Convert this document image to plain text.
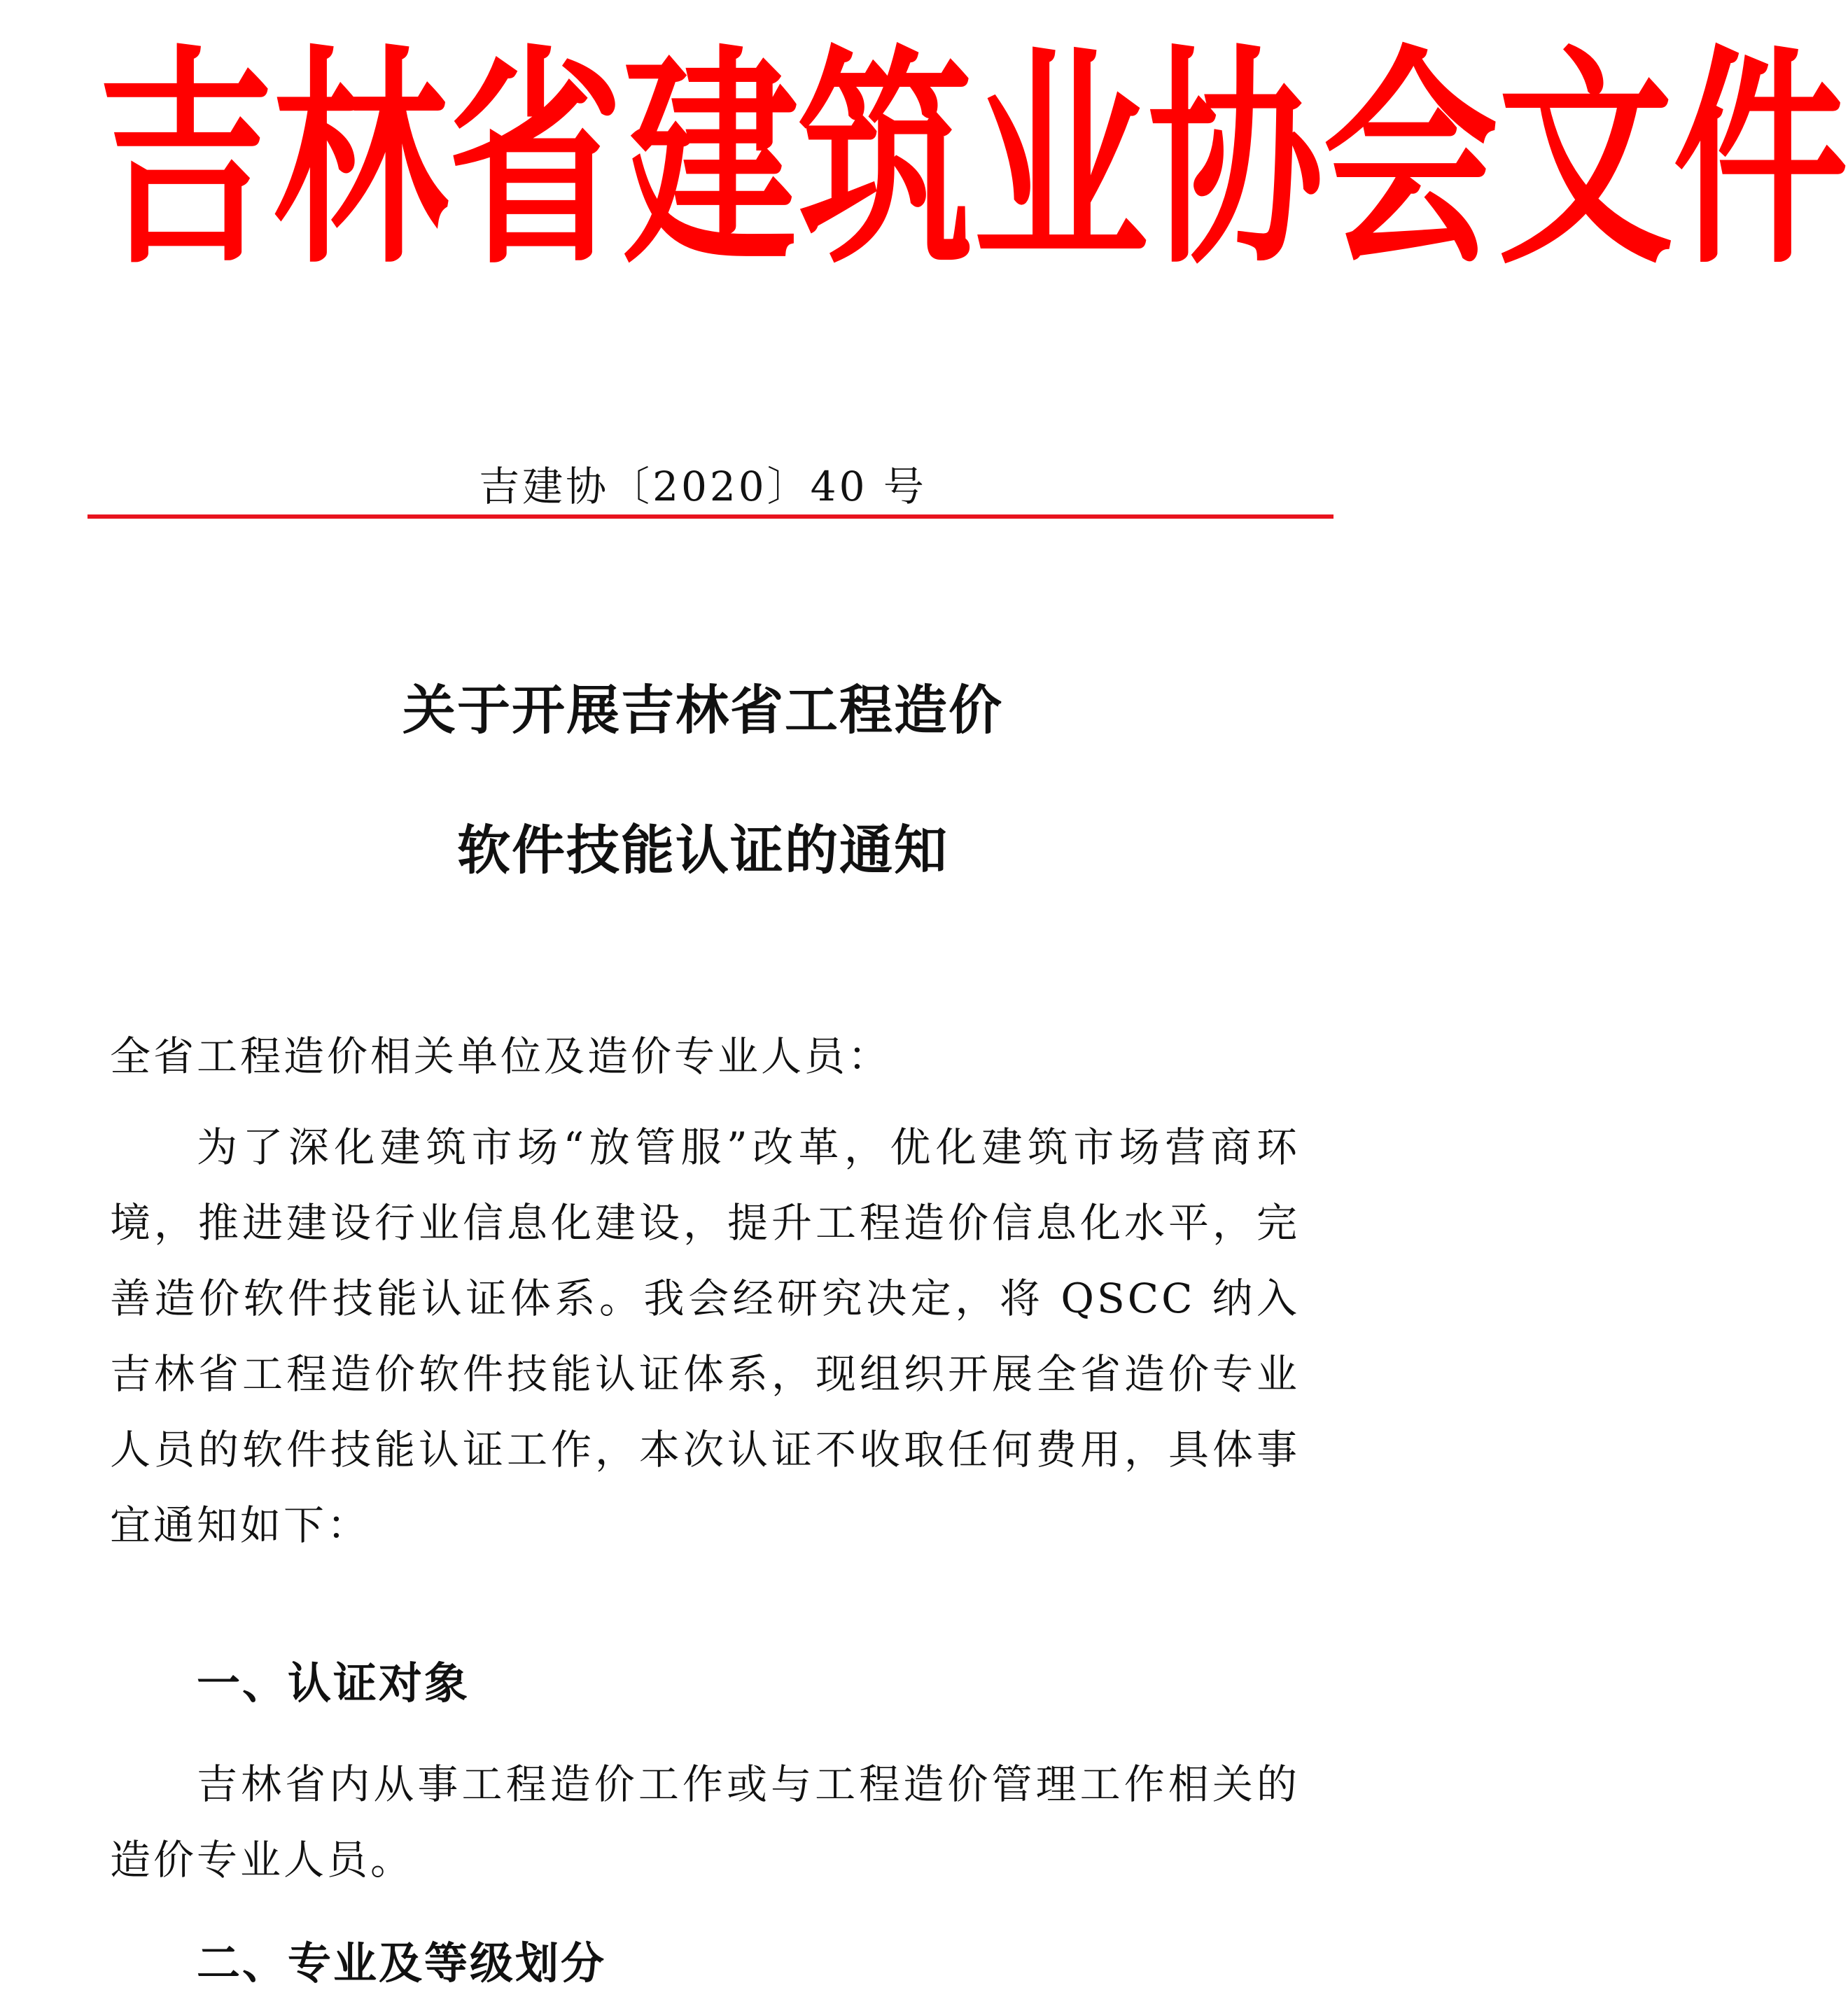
吉 林 省 建 筑 业 协 会 文 件
吉建协〔2020〕40 号
关于开展吉林省工程造价
软件技能认证的通知
全省工程造价相关单位及造价专业人员：
为了深化建筑市场“放管服”改革，优化建筑市场营商环境，推进建设行业信息化建设，提升工程造价信息化水平，完善造价软件技能认证体系。我会经研究决定，将 QSCC 纳入吉林省工程造价软件技能认证体系，现组织开展全省造价专业人员的软件技能认证工作，本次认证不收取任何费用，具体事宜通知如下：
一、认证对象
吉林省内从事工程造价工作或与工程造价管理工作相关的造价专业人员。
二、专业及等级划分
